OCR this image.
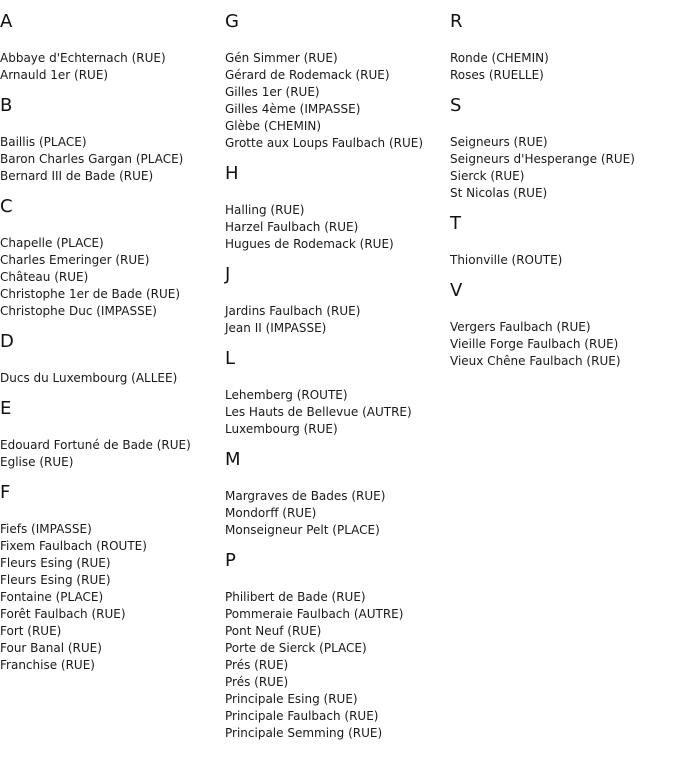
A
Abbaye d'Echternach (RUE)
Arnauld 1er (RUE)
B
Baillis (PLACE)
Baron Charles Gargan (PLACE)
Bernard III de Bade (RUE)
C
Chapelle (PLACE)
Charles Emeringer (RUE)
Château (RUE)
Christophe 1er de Bade (RUE)
Christophe Duc (IMPASSE)
D
Ducs du Luxembourg (ALLEE)
E
Edouard Fortuné de Bade (RUE)
Eglise (RUE)
F
Fiefs (IMPASSE)
Fixem Faulbach (ROUTE)
Fleurs Esing (RUE)
Fleurs Esing (RUE)
Fontaine (PLACE)
Forêt Faulbach (RUE)
Fort (RUE)
Four Banal (RUE)
Franchise (RUE)
G
Gén Simmer (RUE)
Gérard de Rodemack (RUE)
Gilles 1er (RUE)
Gilles 4ème (IMPASSE)
Glèbe (CHEMIN)
Grotte aux Loups Faulbach (RUE)
H
Halling (RUE)
Harzel Faulbach (RUE)
Hugues de Rodemack (RUE)
J
Jardins Faulbach (RUE)
Jean II (IMPASSE)
L
Lehemberg (ROUTE)
Les Hauts de Bellevue (AUTRE)
Luxembourg (RUE)
M
Margraves de Bades (RUE)
Mondorff (RUE)
Monseigneur Pelt (PLACE)
P
Philibert de Bade (RUE)
Pommeraie Faulbach (AUTRE)
Pont Neuf (RUE)
Porte de Sierck (PLACE)
Prés (RUE)
Prés (RUE)
Principale Esing (RUE)
Principale Faulbach (RUE)
Principale Semming (RUE)
R
Ronde (CHEMIN)
Roses (RUELLE)
S
Seigneurs (RUE)
Seigneurs d'Hesperange (RUE)
Sierck (RUE)
St Nicolas (RUE)
T
Thionville (ROUTE)
V
Vergers Faulbach (RUE)
Vieille Forge Faulbach (RUE)
Vieux Chêne Faulbach (RUE)
